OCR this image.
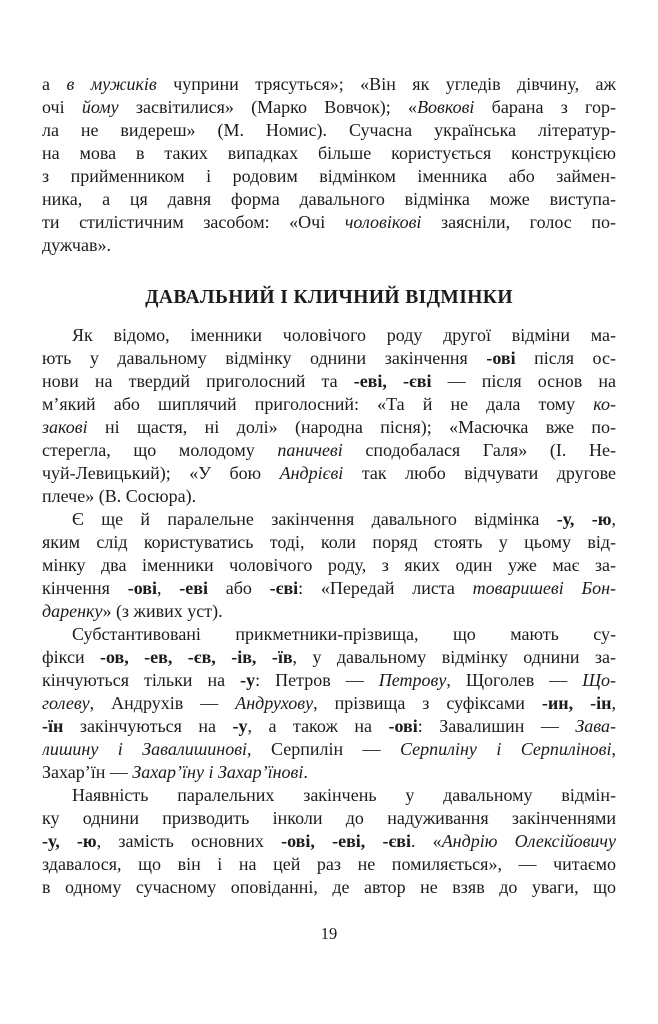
а в мужиків чуприни трясуться»; «Він як угледів дівчину, аж
очі йому засвітилися» (Марко Вовчок); «Вовкові барана з гор-
ла не видереш» (М. Номис). Сучасна українська літератур-
на мова в таких випадках більше користується конструкцією
з прийменником і родовим відмінком іменника або займен-
ника, а ця давня форма давального відмінка може виступа-
ти стилістичним засобом: «Очі чоловікові заясніли, голос по-
дужчав».
ДАВАЛЬНИЙ І КЛИЧНИЙ ВІДМІНКИ
Як відомо, іменники чоловічого роду другої відміни ма-
ють у давальному відмінку однини закінчення -ові після ос-
нови на твердий приголосний та -еві, -єві — після основ на
м’який або шиплячий приголосний: «Та й не дала тому ко-
закові ні щастя, ні долі» (народна пісня); «Масючка вже по-
стерегла, що молодому паничеві сподобалася Галя» (І. Не-
чуй-Левицький); «У бою Андрієві так любо відчувати другове
плече» (В. Сосюра).
Є ще й паралельне закінчення давального відмінка -у, -ю,
яким слід користуватись тоді, коли поряд стоять у цьому від-
мінку два іменники чоловічого роду, з яких один уже має за-
кінчення -ові, -еві або -єві: «Передай листа товаришеві Бон-
даренку» (з живих уст).
Субстантивовані прикметники-прізвища, що мають су-
фікси -ов, -ев, -єв, -ів, -їв, у давальному відмінку однини за-
кінчуються тільки на -у: Петров — Петрову, Щоголев — Що-
голеву, Андрухів — Андрухову, прізвища з суфіксами -ин, -ін,
-їн закінчуються на -у, а також на -ові: Завалишин — Зава-
лишину і Завалишинові, Серпилін — Серпиліну і Серпилінові,
Захар’їн — Захар’їну і Захар’їнові.
Наявність паралельних закінчень у давальному відмін-
ку однини призводить інколи до надуживання закінченнями
-у, -ю, замість основних -ові, -еві, -єві. «Андрію Олексійовичу
здавалося, що він і на цей раз не помиляється», — читаємо
в одному сучасному оповіданні, де автор не взяв до уваги, що
19
